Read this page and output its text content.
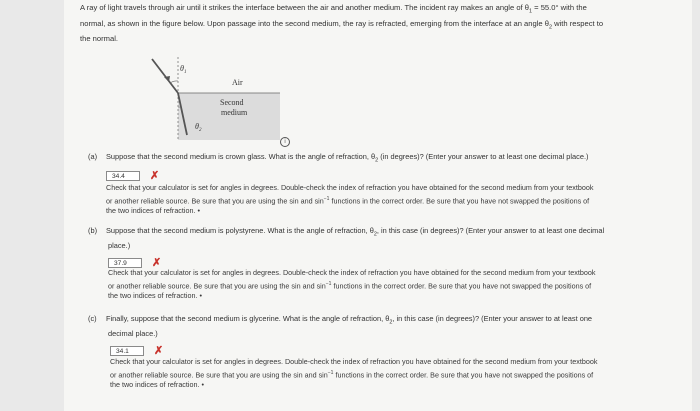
A ray of light travels through air until it strikes the interface between the air and another medium. The incident ray makes an angle of $\theta_1 = 55.0^\circ$ with the
normal, as shown in the figure below. Upon passage into the second medium, the ray is refracted, emerging from the interface at an angle $\theta_2$ with respect to
the normal.
Air
Second
medium
$\theta_1$
$\theta_2$
i
(a) Suppose that the second medium is crown glass. What is the angle of refraction, $\theta_2$ (in degrees)? (Enter your answer to at least one decimal place.)
34.4	✗
Check that your calculator is set for angles in degrees. Double-check the index of refraction you have obtained for the second medium from your textbook
or another reliable source. Be sure that you are using the sin and $\sin^{-1}$ functions in the correct order. Be sure that you have not swapped the positions of
the two indices of refraction. •
(b) Suppose that the second medium is polystyrene. What is the angle of refraction, $\theta_2$, in this case (in degrees)? (Enter your answer to at least one decimal
place.)
37.9	✗
Check that your calculator is set for angles in degrees. Double-check the index of refraction you have obtained for the second medium from your textbook
or another reliable source. Be sure that you are using the sin and $\sin^{-1}$ functions in the correct order. Be sure that you have not swapped the positions of
the two indices of refraction. •
(c) Finally, suppose that the second medium is glycerine. What is the angle of refraction, $\theta_2$, in this case (in degrees)? (Enter your answer to at least one
decimal place.)
34.1	✗
Check that your calculator is set for angles in degrees. Double-check the index of refraction you have obtained for the second medium from your textbook
or another reliable source. Be sure that you are using the sin and $\sin^{-1}$ functions in the correct order. Be sure that you have not swapped the positions of
the two indices of refraction. •
